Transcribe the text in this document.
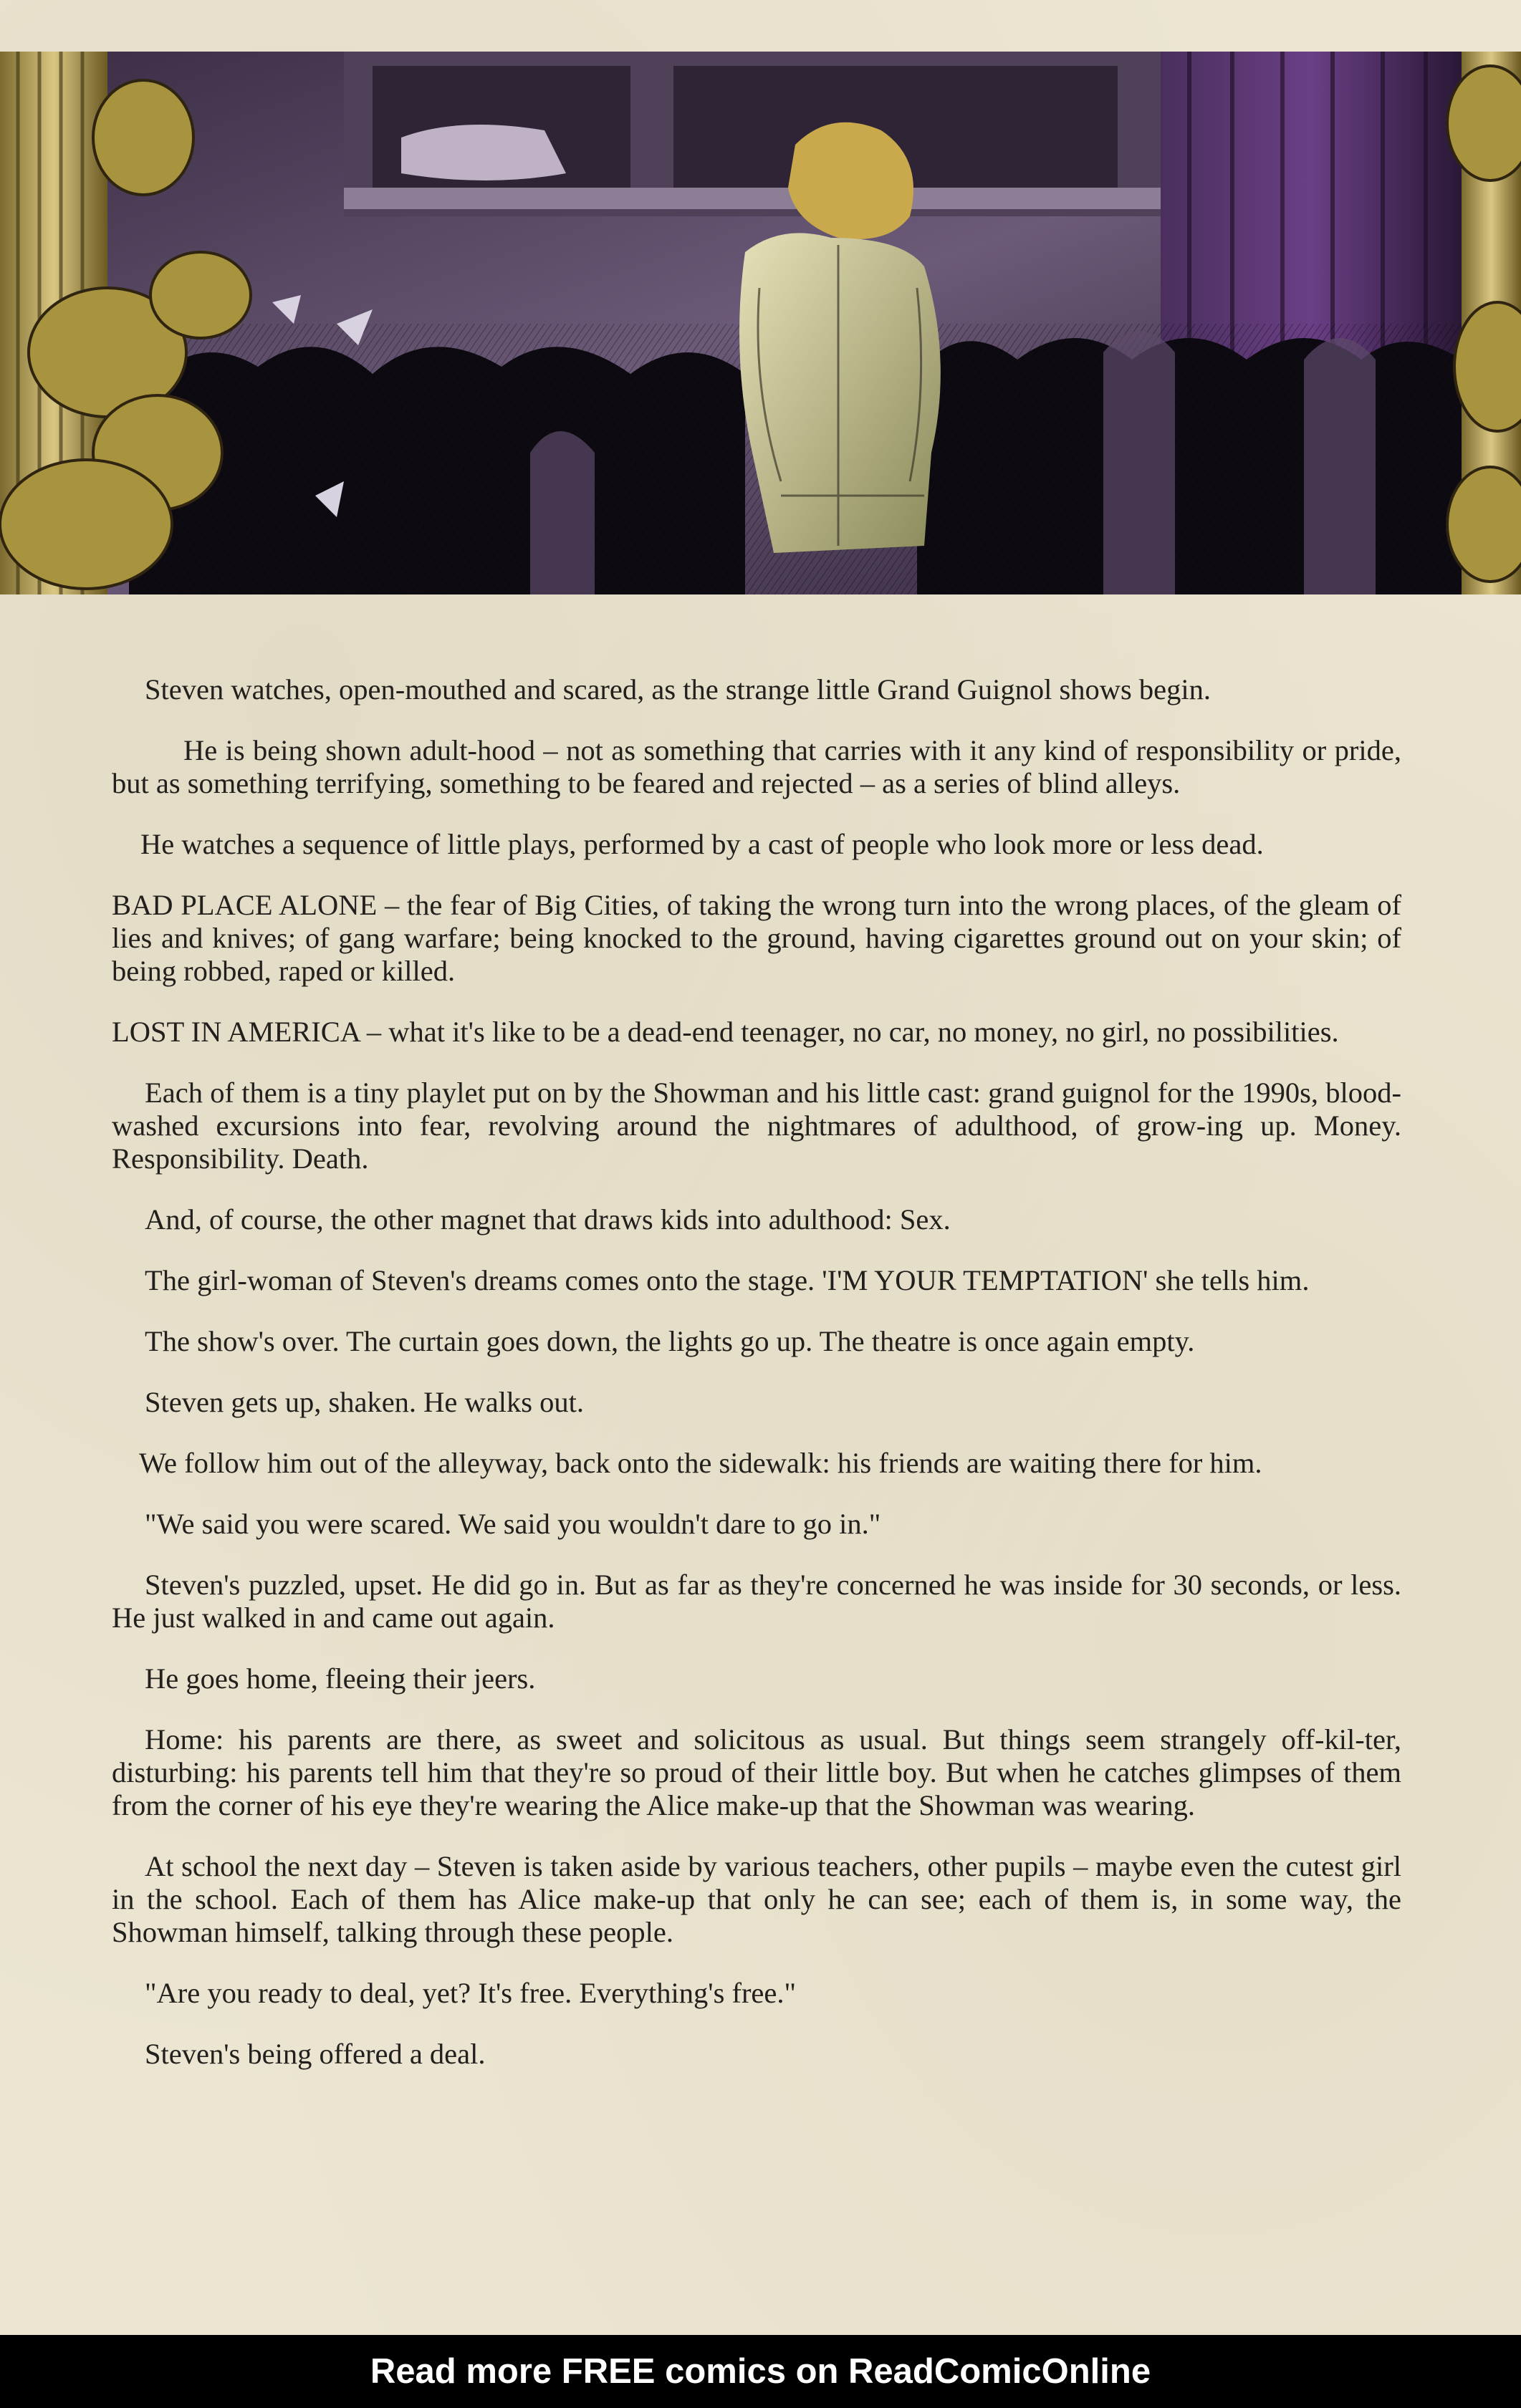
Steven watches, open-mouthed and scared, as the strange little Grand Guignol shows begin.

He is being shown adult-hood – not as something that carries with it any kind of responsibility or pride, but as something terrifying, something to be feared and rejected – as a series of blind alleys.

He watches a sequence of little plays, performed by a cast of people who look more or less dead.

BAD PLACE ALONE – the fear of Big Cities, of taking the wrong turn into the wrong places, of the gleam of lies and knives; of gang warfare; being knocked to the ground, having cigarettes ground out on your skin; of being robbed, raped or killed.

LOST IN AMERICA – what it's like to be a dead-end teenager, no car, no money, no girl, no possibilities.

Each of them is a tiny playlet put on by the Showman and his little cast: grand guignol for the 1990s, blood-washed excursions into fear, revolving around the nightmares of adulthood, of grow-ing up. Money. Responsibility. Death.

And, of course, the other magnet that draws kids into adulthood: Sex.

The girl-woman of Steven's dreams comes onto the stage. 'I'M YOUR TEMPTATION' she tells him.

The show's over. The curtain goes down, the lights go up. The theatre is once again empty.

Steven gets up, shaken. He walks out.

We follow him out of the alleyway, back onto the sidewalk: his friends are waiting there for him.

"We said you were scared. We said you wouldn't dare to go in."

Steven's puzzled, upset. He did go in. But as far as they're concerned he was inside for 30 seconds, or less. He just walked in and came out again.

He goes home, fleeing their jeers.

Home: his parents are there, as sweet and solicitous as usual. But things seem strangely off-kil-ter, disturbing: his parents tell him that they're so proud of their little boy. But when he catches glimpses of them from the corner of his eye they're wearing the Alice make-up that the Showman was wearing.

At school the next day – Steven is taken aside by various teachers, other pupils – maybe even the cutest girl in the school. Each of them has Alice make-up that only he can see; each of them is, in some way, the Showman himself, talking through these people.

"Are you ready to deal, yet? It's free. Everything's free."

Steven's being offered a deal.

Read more FREE comics on ReadComicOnline
